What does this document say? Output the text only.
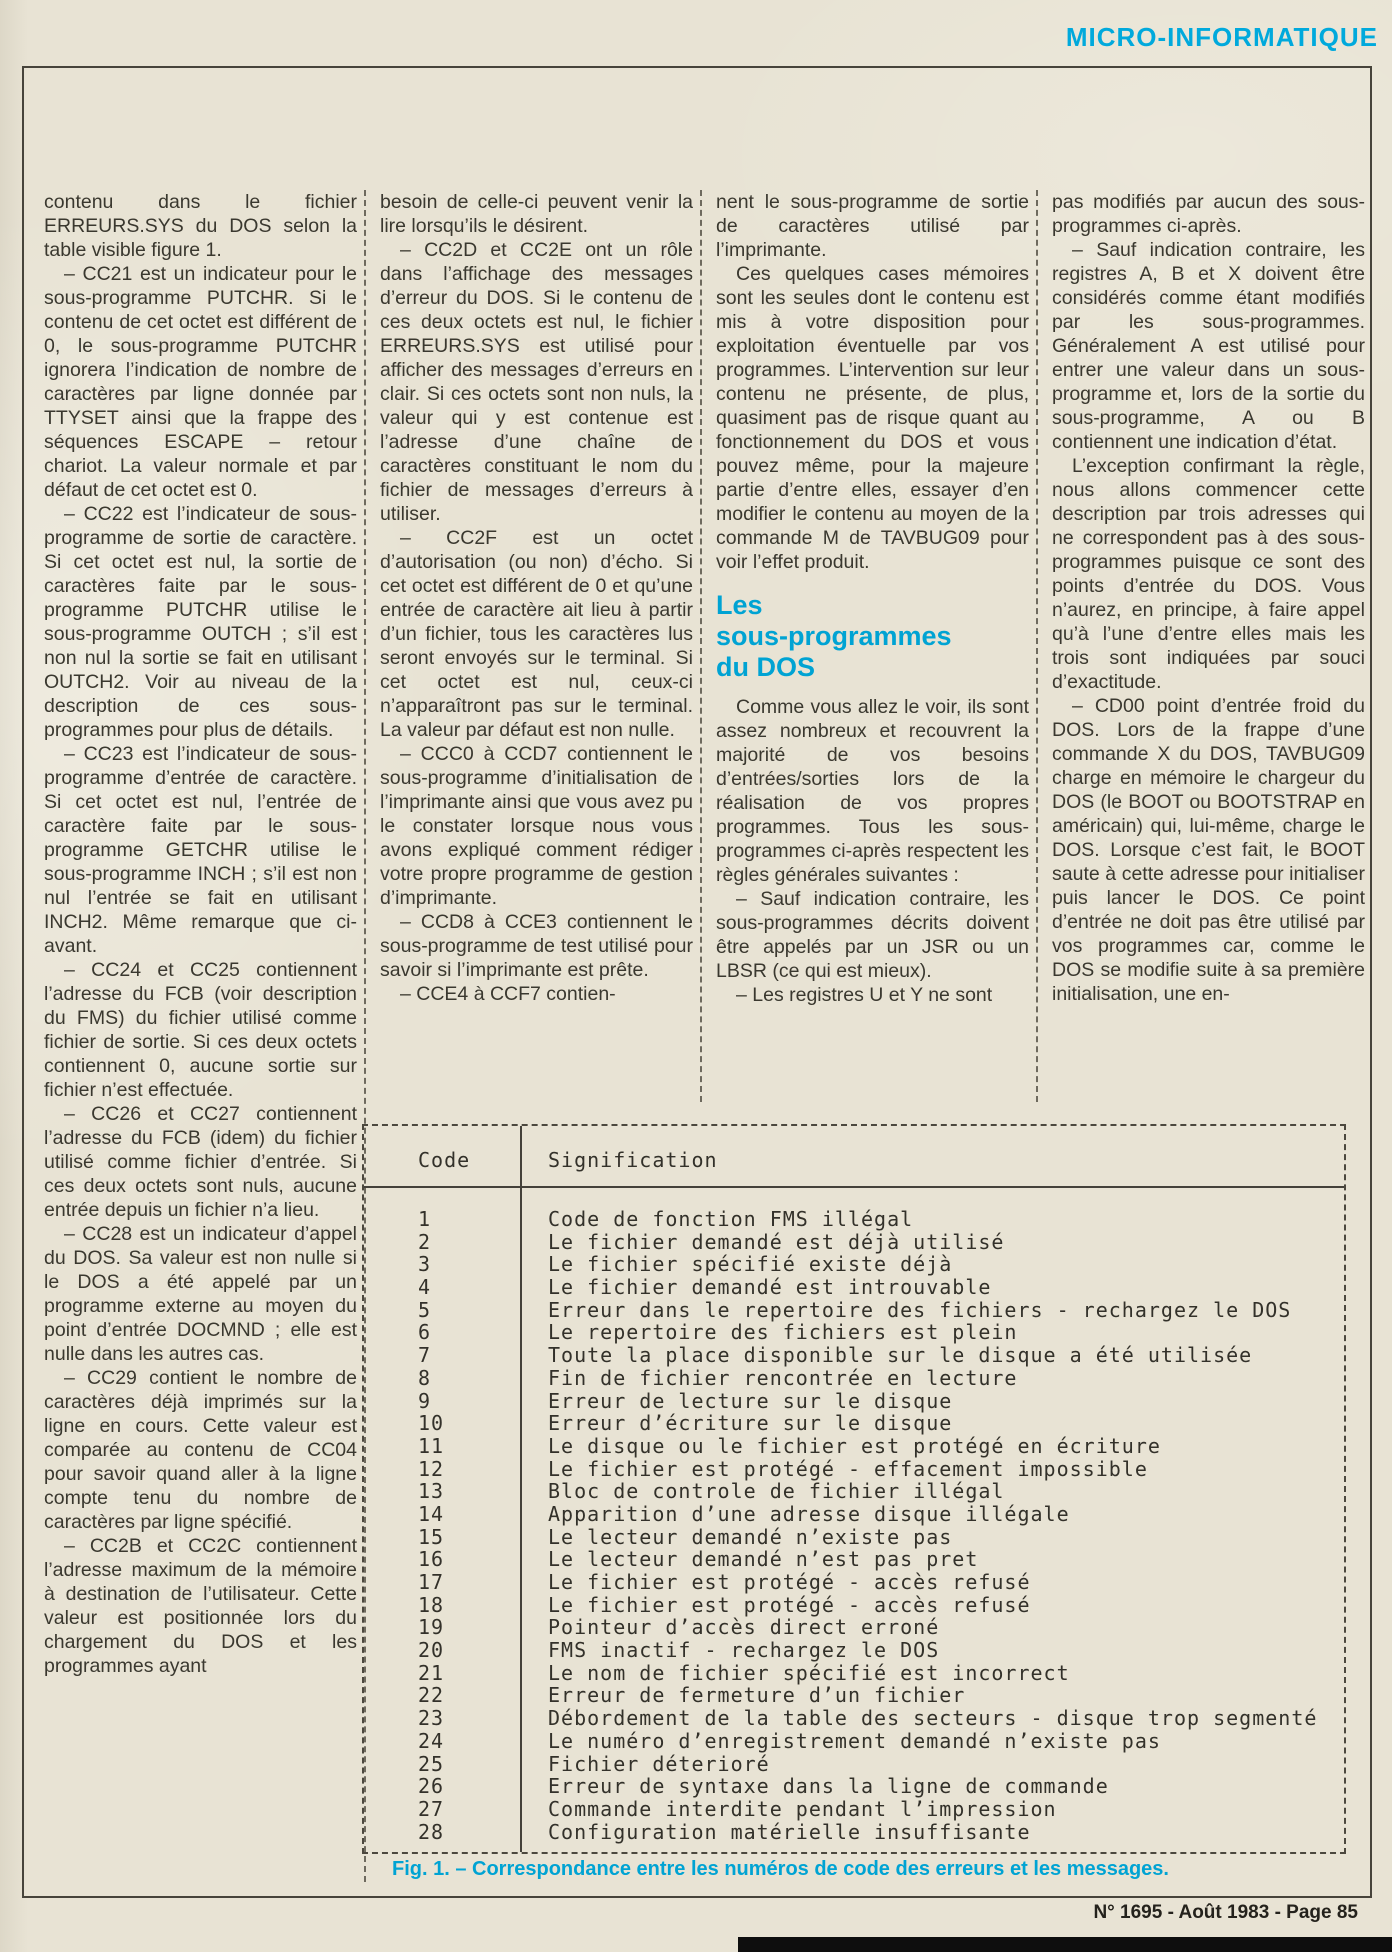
MICRO-INFORMATIQUE

contenu dans le fichier ERREURS.SYS du DOS selon la table visible figure 1.

– CC21 est un indicateur pour le sous-programme PUTCHR. Si le contenu de cet octet est différent de 0, le sous-programme PUTCHR ignorera l’indication de nombre de caractères par ligne donnée par TTYSET ainsi que la frappe des séquences ESCAPE – retour chariot. La valeur normale et par défaut de cet octet est 0.

– CC22 est l’indicateur de sous-programme de sortie de caractère. Si cet octet est nul, la sortie de caractères faite par le sous-programme PUTCHR utilise le sous-programme OUTCH ; s’il est non nul la sortie se fait en utilisant OUTCH2. Voir au niveau de la description de ces sous-programmes pour plus de détails.

– CC23 est l’indicateur de sous-programme d’entrée de caractère. Si cet octet est nul, l’entrée de caractère faite par le sous-programme GETCHR utilise le sous-programme INCH ; s’il est non nul l’entrée se fait en utilisant INCH2. Même remarque que ci-avant.

– CC24 et CC25 contiennent l’adresse du FCB (voir description du FMS) du fichier utilisé comme fichier de sortie. Si ces deux octets contiennent 0, aucune sortie sur fichier n’est effectuée.

– CC26 et CC27 contiennent l’adresse du FCB (idem) du fichier utilisé comme fichier d’entrée. Si ces deux octets sont nuls, aucune entrée depuis un fichier n’a lieu.

– CC28 est un indicateur d’appel du DOS. Sa valeur est non nulle si le DOS a été appelé par un programme externe au moyen du point d’entrée DOCMND ; elle est nulle dans les autres cas.

– CC29 contient le nombre de caractères déjà imprimés sur la ligne en cours. Cette valeur est comparée au contenu de CC04 pour savoir quand aller à la ligne compte tenu du nombre de caractères par ligne spécifié.

– CC2B et CC2C contiennent l’adresse maximum de la mémoire à destination de l’utilisateur. Cette valeur est positionnée lors du chargement du DOS et les programmes ayant

besoin de celle-ci peuvent venir la lire lorsqu’ils le désirent.

– CC2D et CC2E ont un rôle dans l’affichage des messages d’erreur du DOS. Si le contenu de ces deux octets est nul, le fichier ERREURS.SYS est utilisé pour afficher des messages d’erreurs en clair. Si ces octets sont non nuls, la valeur qui y est contenue est l’adresse d’une chaîne de caractères constituant le nom du fichier de messages d’erreurs à utiliser.

– CC2F est un octet d’autorisation (ou non) d’écho. Si cet octet est différent de 0 et qu’une entrée de caractère ait lieu à partir d’un fichier, tous les caractères lus seront envoyés sur le terminal. Si cet octet est nul, ceux-ci n’apparaîtront pas sur le terminal. La valeur par défaut est non nulle.

– CCC0 à CCD7 contiennent le sous-programme d’initialisation de l’imprimante ainsi que vous avez pu le constater lorsque nous vous avons expliqué comment rédiger votre propre programme de gestion d’imprimante.

– CCD8 à CCE3 contiennent le sous-programme de test utilisé pour savoir si l’imprimante est prête.

– CCE4 à CCF7 contien-

nent le sous-programme de sortie de caractères utilisé par l’imprimante.

Ces quelques cases mémoires sont les seules dont le contenu est mis à votre disposition pour exploitation éventuelle par vos programmes. L’intervention sur leur contenu ne présente, de plus, quasiment pas de risque quant au fonctionnement du DOS et vous pouvez même, pour la majeure partie d’entre elles, essayer d’en modifier le contenu au moyen de la commande M de TAVBUG09 pour voir l’effet produit.

Les
sous-programmes
du DOS

Comme vous allez le voir, ils sont assez nombreux et recouvrent la majorité de vos besoins d’entrées/sorties lors de la réalisation de vos propres programmes. Tous les sous-programmes ci-après respectent les règles générales suivantes :

– Sauf indication contraire, les sous-programmes décrits doivent être appelés par un JSR ou un LBSR (ce qui est mieux).

– Les registres U et Y ne sont

pas modifiés par aucun des sous-programmes ci-après.

– Sauf indication contraire, les registres A, B et X doivent être considérés comme étant modifiés par les sous-programmes. Généralement A est utilisé pour entrer une valeur dans un sous-programme et, lors de la sortie du sous-programme, A ou B contiennent une indication d’état.

L’exception confirmant la règle, nous allons commencer cette description par trois adresses qui ne correspondent pas à des sous-programmes puisque ce sont des points d’entrée du DOS. Vous n’aurez, en principe, à faire appel qu’à l’une d’entre elles mais les trois sont indiquées par souci d’exactitude.

– CD00 point d’entrée froid du DOS. Lors de la frappe d’une commande X du DOS, TAVBUG09 charge en mémoire le chargeur du DOS (le BOOT ou BOOTSTRAP en américain) qui, lui-même, charge le DOS. Lorsque c’est fait, le BOOT saute à cette adresse pour initialiser puis lancer le DOS. Ce point d’entrée ne doit pas être utilisé par vos programmes car, comme le DOS se modifie suite à sa première initialisation, une en-

Code	Signification
1	Code de fonction FMS illégal
2	Le fichier demandé est déjà utilisé
3	Le fichier spécifié existe déjà
4	Le fichier demandé est introuvable
5	Erreur dans le repertoire des fichiers - rechargez le DOS
6	Le repertoire des fichiers est plein
7	Toute la place disponible sur le disque a été utilisée
8	Fin de fichier rencontrée en lecture
9	Erreur de lecture sur le disque
10	Erreur d’écriture sur le disque
11	Le disque ou le fichier est protégé en écriture
12	Le fichier est protégé - effacement impossible
13	Bloc de controle de fichier illégal
14	Apparition d’une adresse disque illégale
15	Le lecteur demandé n’existe pas
16	Le lecteur demandé n’est pas pret
17	Le fichier est protégé - accès refusé
18	Le fichier est protégé - accès refusé
19	Pointeur d’accès direct erroné
20	FMS inactif - rechargez le DOS
21	Le nom de fichier spécifié est incorrect
22	Erreur de fermeture d’un fichier
23	Débordement de la table des secteurs - disque trop segmenté
24	Le numéro d’enregistrement demandé n’existe pas
25	Fichier déterioré
26	Erreur de syntaxe dans la ligne de commande
27	Commande interdite pendant l’impression
28	Configuration matérielle insuffisante
Fig. 1. – Correspondance entre les numéros de code des erreurs et les messages.
N° 1695 - Août 1983 - Page 85
